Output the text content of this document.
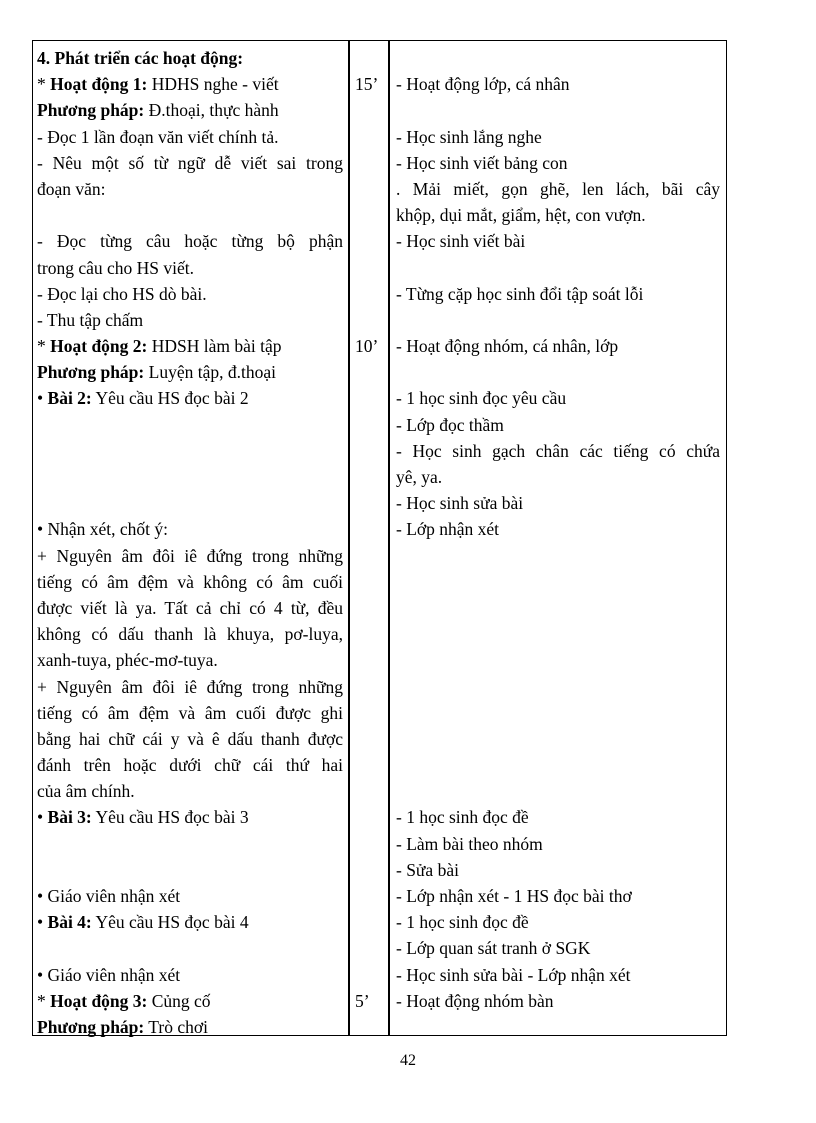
4. Phát triển các hoạt động:
* Hoạt động 1: HDHS nghe - viết
Phương pháp: Đ.thoại, thực hành
- Đọc 1 lần đoạn văn viết chính tả.
- Nêu một số từ ngữ dễ viết sai trong
đoạn văn:
- Đọc từng câu hoặc từng bộ phận
trong câu cho HS viết.
- Đọc lại cho HS dò bài.
- Thu tập chấm
* Hoạt động 2: HDSH làm bài tập
Phương pháp: Luyện tập, đ.thoại
• Bài 2: Yêu cầu HS đọc bài 2
• Nhận xét, chốt ý:
+ Nguyên âm đôi iê đứng trong những
tiếng có âm đệm và không có âm cuối
được viết là ya. Tất cả chỉ có 4 từ, đều
không có dấu thanh là khuya, pơ-luya,
xanh-tuya, phéc-mơ-tuya.
+ Nguyên âm đôi iê đứng trong những
tiếng có âm đệm và âm cuối được ghi
bằng hai chữ cái y và ê dấu thanh được
đánh trên hoặc dưới chữ cái thứ hai
của âm chính.
• Bài 3: Yêu cầu HS đọc bài 3
• Giáo viên nhận xét
• Bài 4: Yêu cầu HS đọc bài 4
• Giáo viên nhận xét
* Hoạt động 3: Củng cố
Phương pháp: Trò chơi
15’
10’
5’
- Hoạt động lớp, cá nhân
- Học sinh lắng nghe
- Học sinh viết bảng con
. Mải miết, gọn ghẽ, len lách, bãi cây
khộp, dụi mắt, giẩm, hệt, con vượn.
- Học sinh viết bài
- Từng cặp học sinh đổi tập soát lỗi
- Hoạt động nhóm, cá nhân, lớp
- 1 học sinh đọc yêu cầu
- Lớp đọc thầm
- Học sinh gạch chân các tiếng có chứa
yê, ya.
- Học sinh sửa bài
- Lớp nhận xét
- 1 học sinh đọc đề
- Làm bài theo nhóm
- Sửa bài
- Lớp nhận xét - 1 HS đọc bài thơ
- 1 học sinh đọc đề
- Lớp quan sát tranh ở SGK
- Học sinh sửa bài - Lớp nhận xét
- Hoạt động nhóm bàn
42
